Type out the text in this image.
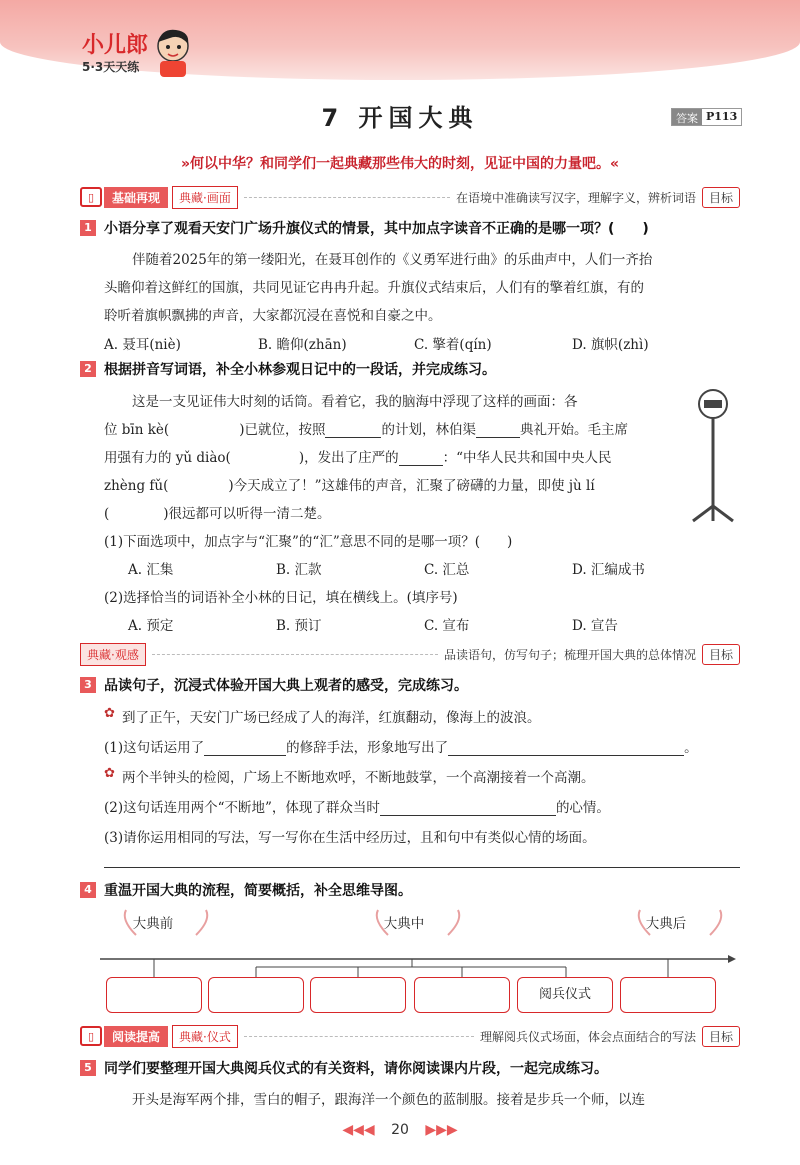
小儿郎
5·3天天练
7 开国大典	答案 P113
»何以中华？和同学们一起典藏那些伟大的时刻，见证中国的力量吧。«
▯	基础再现	典藏·画面	在语境中准确读写汉字，理解字义，辨析词语	目标
1 小语分享了观看天安门广场升旗仪式的情景，其中加点字读音不正确的是哪一项？(　　)
伴随着2025年的第一缕阳光，在聂耳创作的《义勇军进行曲》的乐曲声中，人们一齐抬
头瞻仰着这鲜红的国旗，共同见证它冉冉升起。升旗仪式结束后，人们有的擎着红旗，有的
聆听着旗帜飘拂的声音，大家都沉浸在喜悦和自豪之中。
A. 聂耳(niè)	B. 瞻仰(zhān)	C. 擎着(qín)	D. 旗帜(zhì)
2 根据拼音写词语，补全小林参观日记中的一段话，并完成练习。
这是一支见证伟大时刻的话筒。看着它，我的脑海中浮现了这样的画面：各
位 bīn kè(	)已就位，按照	的计划，林伯渠	典礼开始。毛主席
用强有力的 yǔ diào(	)，发出了庄严的	：“中华人民共和国中央人民
zhèng fǔ(	)今天成立了！”这雄伟的声音，汇聚了磅礴的力量，即使 jù lí
(　　　　)很远都可以听得一清二楚。
(1)下面选项中，加点字与“汇聚”的“汇”意思不同的是哪一项？(　　)
A. 汇集	B. 汇款	C. 汇总	D. 汇编成书
(2)选择恰当的词语补全小林的日记，填在横线上。(填序号)
A. 预定	B. 预订	C. 宣布	D. 宣告
典藏·观感	品读语句，仿写句子；梳理开国大典的总体情况	目标
3 品读句子，沉浸式体验开国大典上观者的感受，完成练习。
✿ 到了正午，天安门广场已经成了人的海洋，红旗翻动，像海上的波浪。
(1)这句话运用了	的修辞手法，形象地写出了	。
✿ 两个半钟头的检阅，广场上不断地欢呼，不断地鼓掌，一个高潮接着一个高潮。
(2)这句话连用两个“不断地”，体现了群众当时	的心情。
(3)请你运用相同的写法，写一写你在生活中经历过，且和句中有类似心情的场面。
4 重温开国大典的流程，简要概括，补全思维导图。
大典前	大典中	大典后
阅兵仪式
▯	阅读提高	典藏·仪式	理解阅兵仪式场面，体会点面结合的写法	目标
5 同学们要整理开国大典阅兵仪式的有关资料，请你阅读课内片段，一起完成练习。
开头是海军两个排，雪白的帽子，跟海洋一个颜色的蓝制服。接着是步兵一个师，以连
◀◀◀ 20 ▶▶▶
